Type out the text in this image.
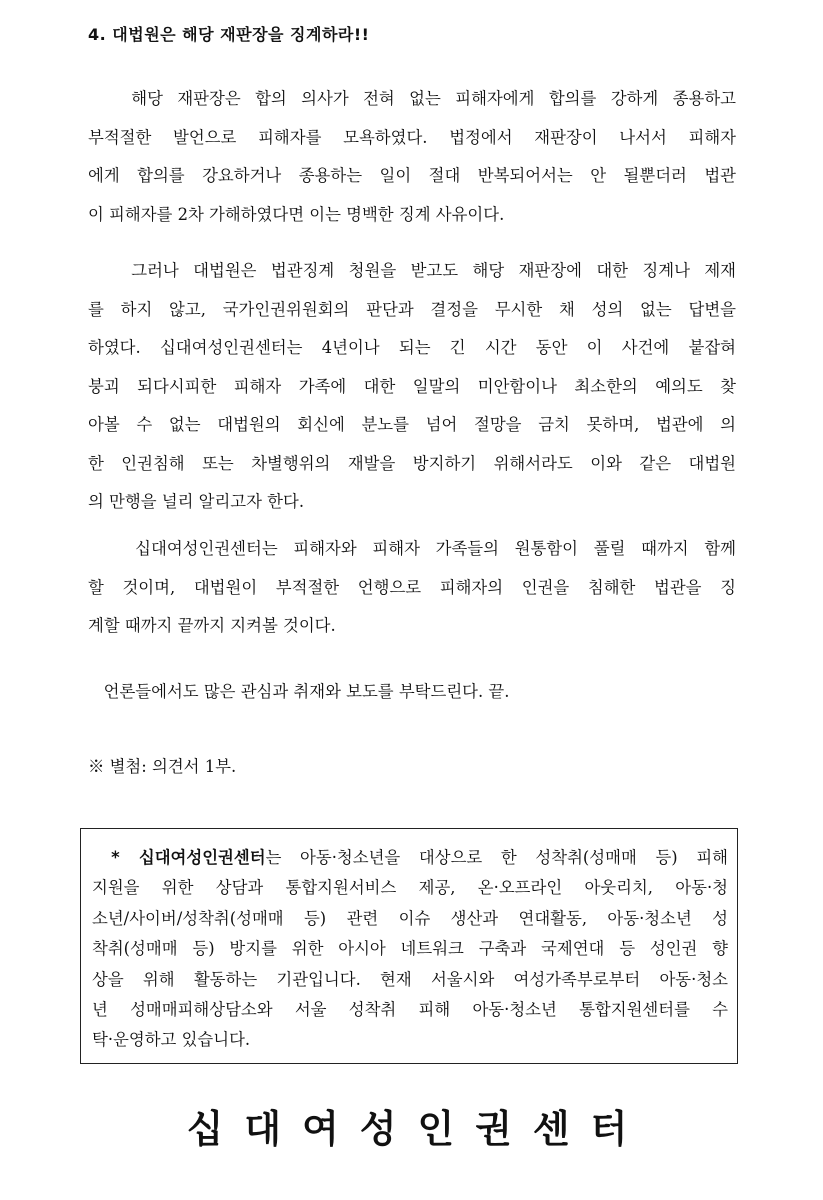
4. 대법원은 해당 재판장을 징계하라!!
해당 재판장은 합의 의사가 전혀 없는 피해자에게 합의를 강하게 종용하고
부적절한 발언으로 피해자를 모욕하였다. 법정에서 재판장이 나서서 피해자
에게 합의를 강요하거나 종용하는 일이 절대 반복되어서는 안 될뿐더러 법관
이 피해자를 2차 가해하였다면 이는 명백한 징계 사유이다.
그러나 대법원은 법관징계 청원을 받고도 해당 재판장에 대한 징계나 제재
를 하지 않고, 국가인권위원회의 판단과 결정을 무시한 채 성의 없는 답변을
하였다. 십대여성인권센터는 4년이나 되는 긴 시간 동안 이 사건에 붙잡혀
붕괴 되다시피한 피해자 가족에 대한 일말의 미안함이나 최소한의 예의도 찾
아볼 수 없는 대법원의 회신에 분노를 넘어 절망을 금치 못하며, 법관에 의
한 인권침해 또는 차별행위의 재발을 방지하기 위해서라도 이와 같은 대법원
의 만행을 널리 알리고자 한다.
십대여성인권센터는 피해자와 피해자 가족들의 원통함이 풀릴 때까지 함께
할 것이며, 대법원이 부적절한 언행으로 피해자의 인권을 침해한 법관을 징
계할 때까지 끝까지 지켜볼 것이다.
언론들에서도 많은 관심과 취재와 보도를 부탁드린다. 끝.
※ 별첨: 의견서 1부.
* 십대여성인권센터는 아동·청소년을 대상으로 한 성착취(성매매 등) 피해
지원을 위한 상담과 통합지원서비스 제공, 온·오프라인 아웃리치, 아동·청
소년/사이버/성착취(성매매 등) 관련 이슈 생산과 연대활동, 아동·청소년 성
착취(성매매 등) 방지를 위한 아시아 네트워크 구축과 국제연대 등 성인권 향
상을 위해 활동하는 기관입니다. 현재 서울시와 여성가족부로부터 아동·청소
년 성매매피해상담소와 서울 성착취 피해 아동·청소년 통합지원센터를 수
탁·운영하고 있습니다.
십대여성인권센터
